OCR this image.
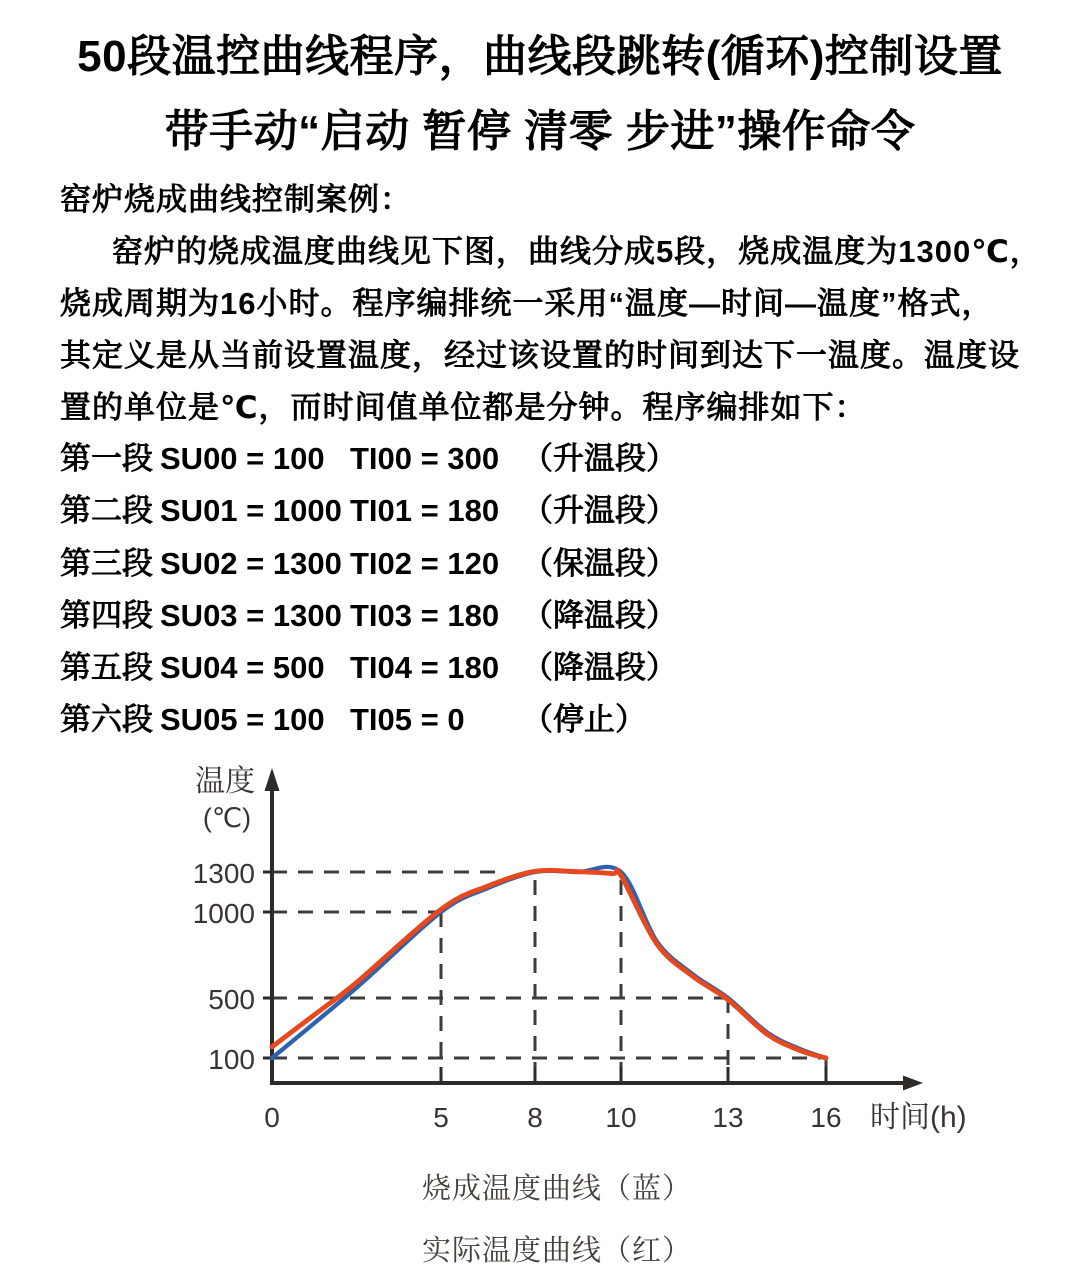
50段温控曲线程序，曲线段跳转(循环)控制设置
带手动“启动 暂停 清零 步进”操作命令
窑炉烧成曲线控制案例：
窑炉的烧成温度曲线见下图，曲线分成5段，烧成温度为1300℃，
烧成周期为16小时。程序编排统一采用“温度—时间—温度”格式，
其定义是从当前设置温度，经过该设置的时间到达下一温度。温度设
置的单位是℃，而时间值单位都是分钟。程序编排如下：
第一段 SU00 = 100 TI00 = 300 （升温段）
第二段 SU01 = 1000 TI01 = 180 （升温段）
第三段 SU02 = 1300 TI02 = 120 （保温段）
第四段 SU03 = 1300 TI03 = 180 （降温段）
第五段 SU04 = 500 TI04 = 180 （降温段）
第六段 SU05 = 100 TI05 = 0	（停止）
100
500
1000
1300
0	5	8 10	13 16
温度
(℃)
时间(h)
烧成温度曲线（蓝）
实际温度曲线（红）
